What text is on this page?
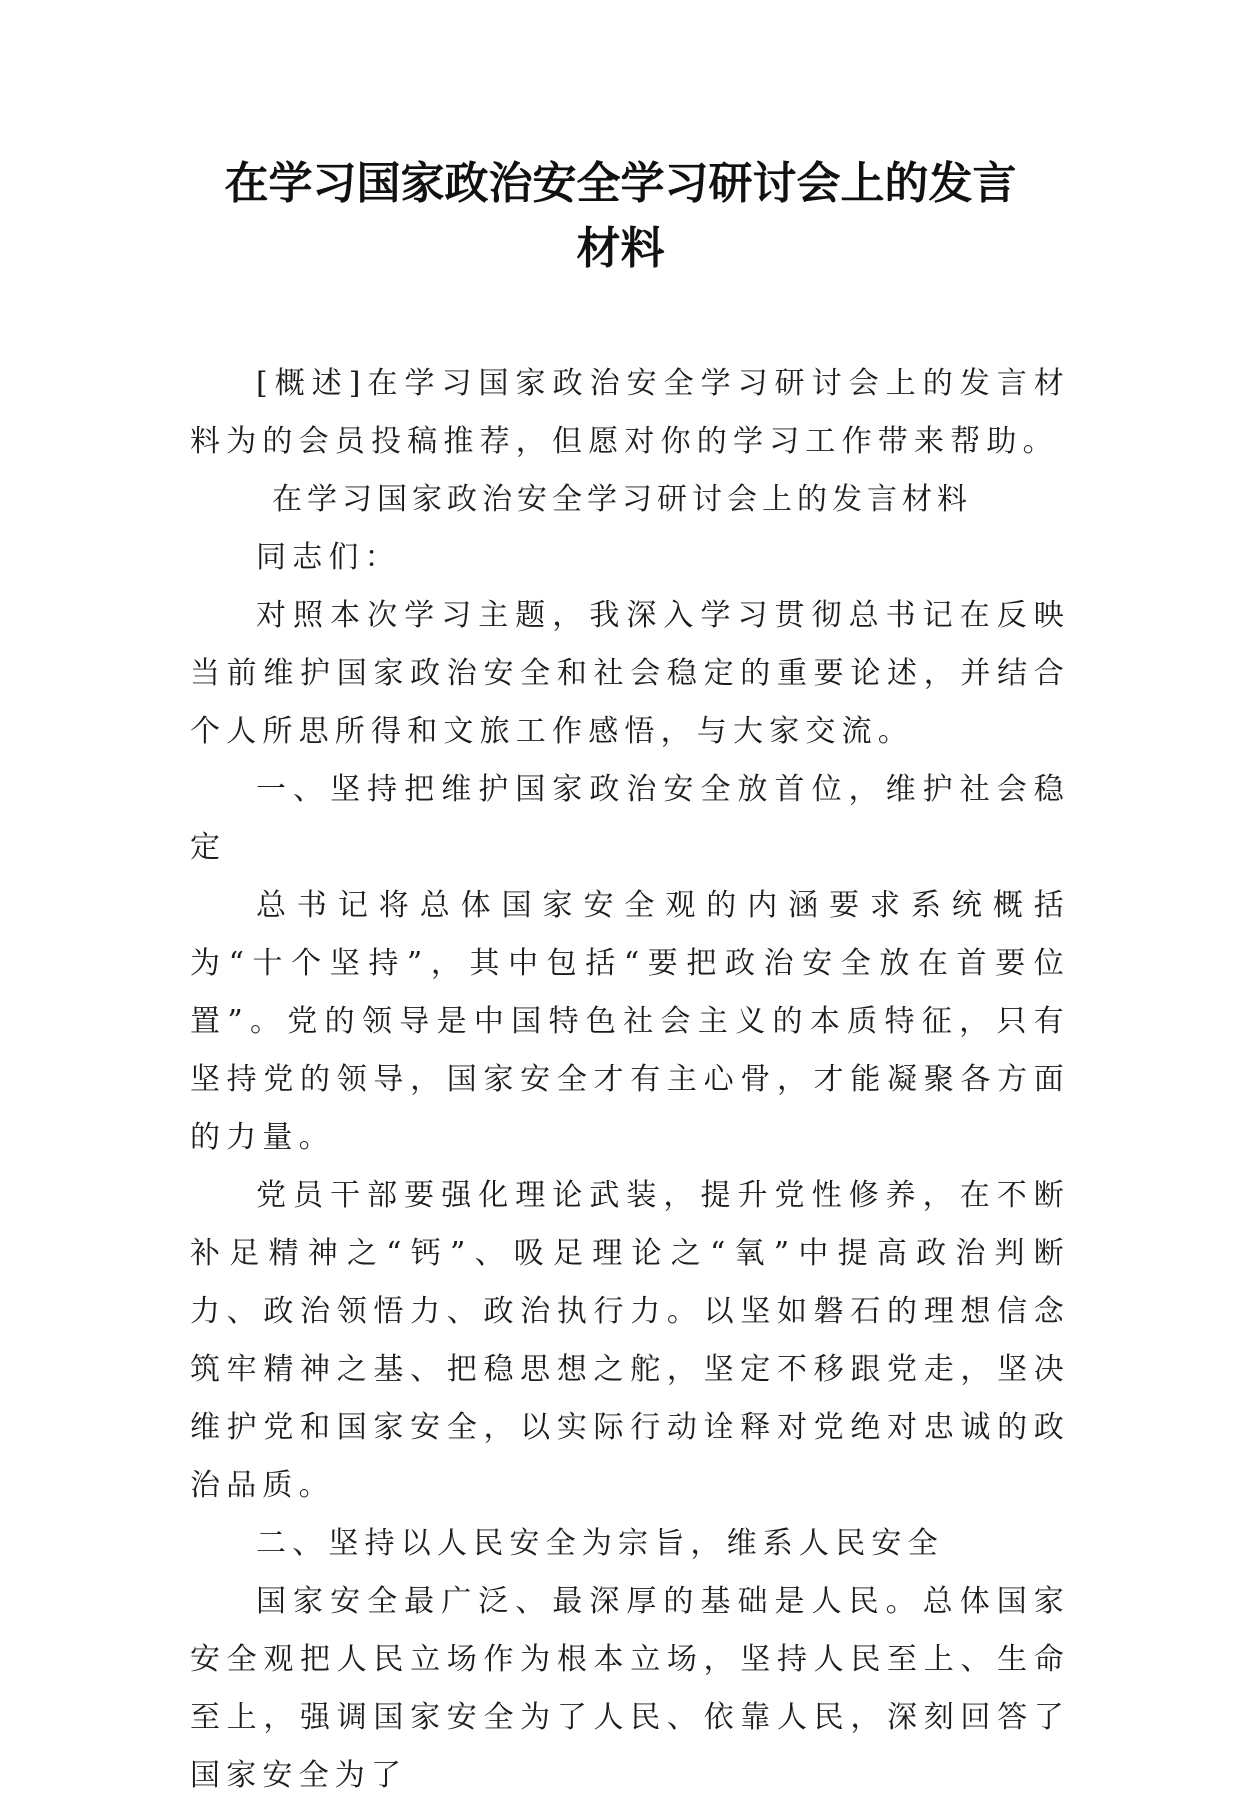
在学习国家政治安全学习研讨会上的发言
材料

[概述]在学习国家政治安全学习研讨会上的发言材料为的会员投稿推荐，但愿对你的学习工作带来帮助。

在学习国家政治安全学习研讨会上的发言材料

同志们：

对照本次学习主题，我深入学习贯彻总书记在反映当前维护国家政治安全和社会稳定的重要论述，并结合个人所思所得和文旅工作感悟，与大家交流。

一、坚持把维护国家政治安全放首位，维护社会稳定

总书记将总体国家安全观的内涵要求系统概括为“十个坚持”，其中包括“要把政治安全放在首要位置”。党的领导是中国特色社会主义的本质特征，只有坚持党的领导，国家安全才有主心骨，才能凝聚各方面的力量。

党员干部要强化理论武装，提升党性修养，在不断补足精神之“钙”、吸足理论之“氧”中提高政治判断力、政治领悟力、政治执行力。以坚如磐石的理想信念筑牢精神之基、把稳思想之舵，坚定不移跟党走，坚决维护党和国家安全，以实际行动诠释对党绝对忠诚的政治品质。

二、坚持以人民安全为宗旨，维系人民安全

国家安全最广泛、最深厚的基础是人民。总体国家安全观把人民立场作为根本立场，坚持人民至上、生命至上，强调国家安全为了人民、依靠人民，深刻回答了国家安全为了
